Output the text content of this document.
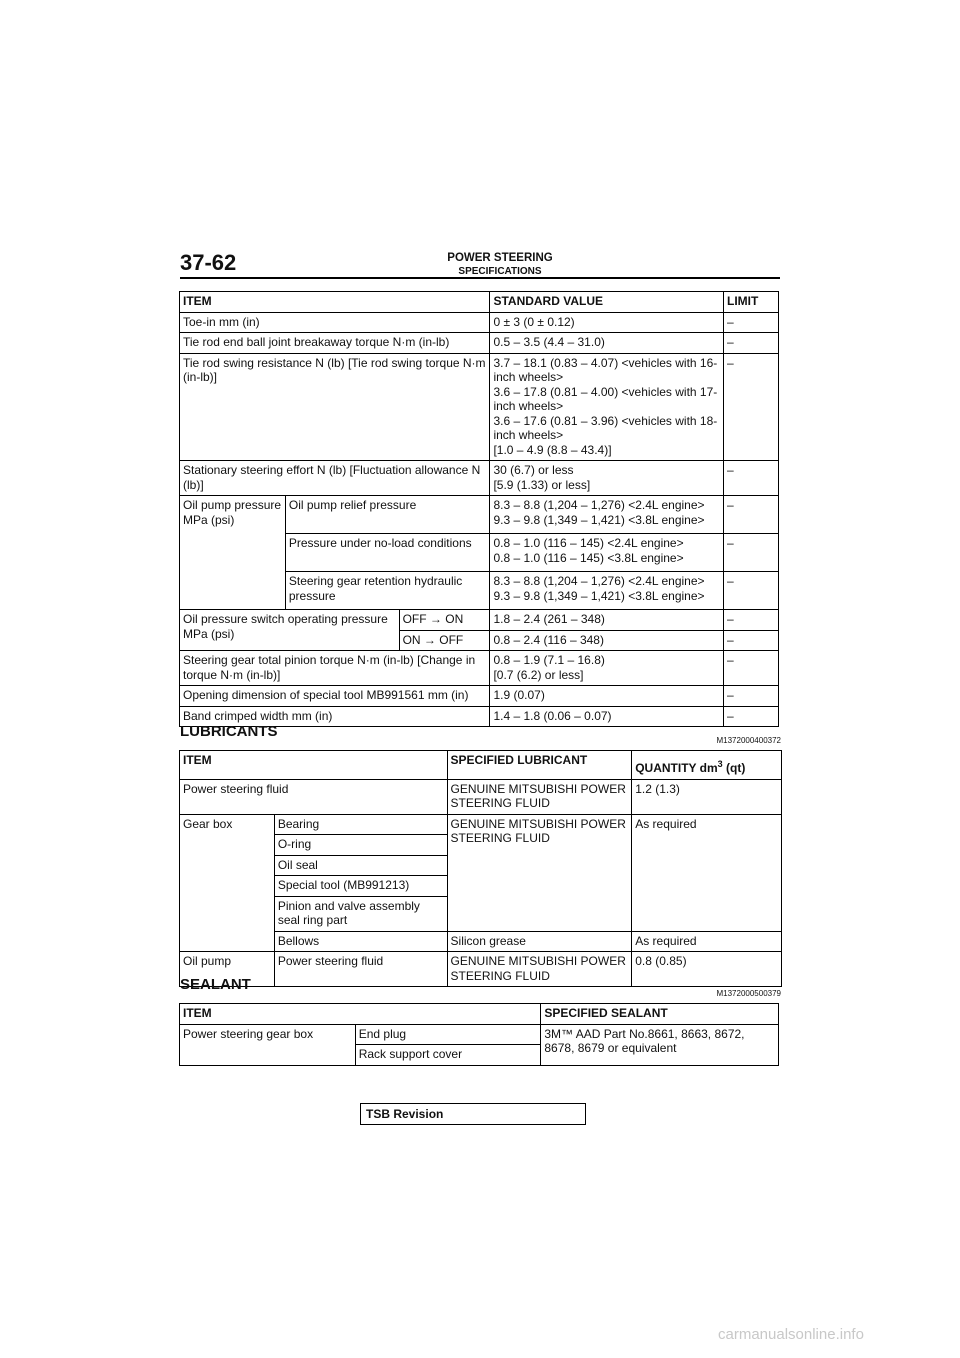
37-62	POWER STEERING
SPECIFICATIONS
ITEM			STANDARD VALUE	LIMIT
Toe-in mm (in)			0 ± 3 (0 ± 0.12)	–
Tie rod end ball joint breakaway torque N·m (in-lb)			0.5 – 3.5 (4.4 – 31.0)	–
Tie rod swing resistance N (lb) [Tie rod swing torque N·m (in-lb)]			3.7 – 18.1 (0.83 – 4.07) <vehicles with 16-inch wheels>
3.6 – 17.8 (0.81 – 4.00) <vehicles with 17-inch wheels>
3.6 – 17.6 (0.81 – 3.96) <vehicles with 18-inch wheels>
[1.0 – 4.9 (8.8 – 43.4)]	–
Stationary steering effort N (lb) [Fluctuation allowance N (lb)]			30 (6.7) or less
[5.9 (1.33) or less]	–
Oil pump pressure MPa (psi)	Oil pump relief pressure		8.3 – 8.8 (1,204 – 1,276) <2.4L engine>
9.3 – 9.8 (1,349 – 1,421) <3.8L engine>	–
	Pressure under no-load conditions		0.8 – 1.0 (116 – 145) <2.4L engine>
0.8 – 1.0 (116 – 145) <3.8L engine>	–
	Steering gear retention hydraulic pressure		8.3 – 8.8 (1,204 – 1,276) <2.4L engine>
9.3 – 9.8 (1,349 – 1,421) <3.8L engine>	–
Oil pressure switch operating pressure MPa (psi)		OFF → ON	1.8 – 2.4 (261 – 348)	–
		ON → OFF	0.8 – 2.4 (116 – 348)	–
Steering gear total pinion torque N·m (in-lb) [Change in torque N·m (in-lb)]			0.8 – 1.9 (7.1 – 16.8)
[0.7 (6.2) or less]	–
Opening dimension of special tool MB991561 mm (in)			1.9 (0.07)	–
Band crimped width mm (in)			1.4 – 1.8 (0.06 – 0.07)	–
LUBRICANTS
M1372000400372
ITEM		SPECIFIED LUBRICANT	QUANTITY $dm^3$ (qt)
Power steering fluid		GENUINE MITSUBISHI POWER STEERING FLUID	1.2 (1.3)
Gear box	Bearing	GENUINE MITSUBISHI POWER STEERING FLUID	As required
	O-ring		
	Oil seal		
	Special tool (MB991213)		
	Pinion and valve assembly seal ring part		
	Bellows	Silicon grease	As required
Oil pump	Power steering fluid	GENUINE MITSUBISHI POWER STEERING FLUID	0.8 (0.85)
SEALANT
M1372000500379
ITEM		SPECIFIED SEALANT
Power steering gear box	End plug	3M™ AAD Part No.8661, 8663, 8672, 8678, 8679 or equivalent
	Rack support cover	
TSB Revision
carmanualsonline.info
